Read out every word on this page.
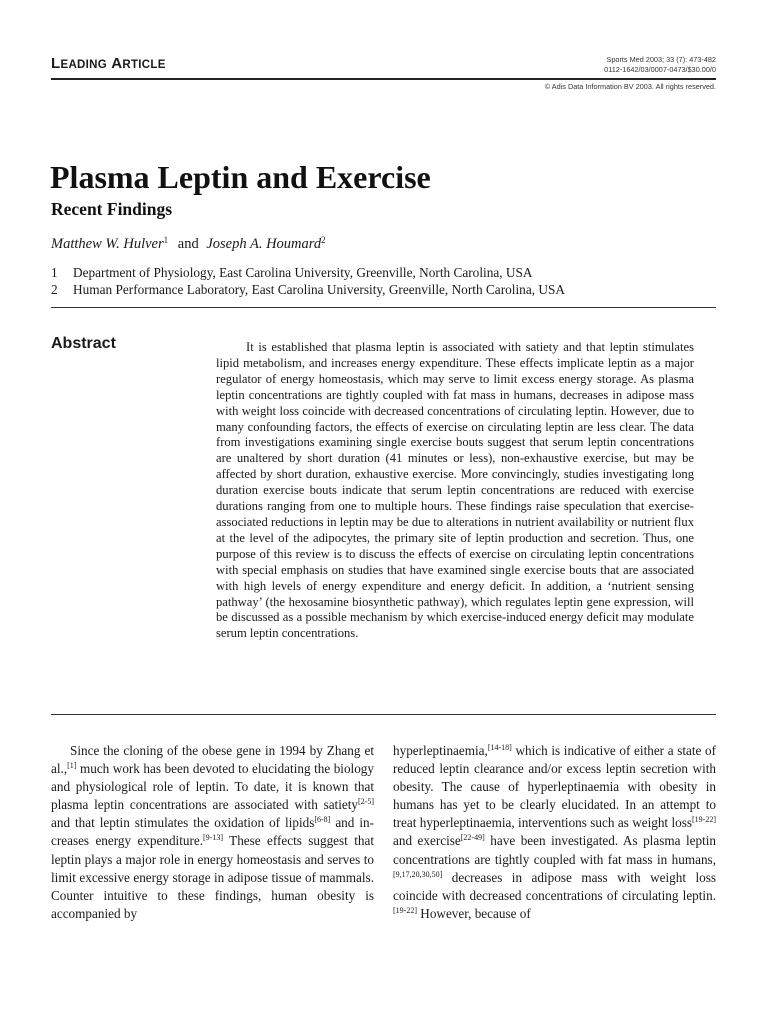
LEADING ARTICLE	Sports Med 2003; 33 (7): 473-482
0112-1642/03/0007-0473/$30.00/0
© Adis Data Information BV 2003. All rights reserved.
Plasma Leptin and Exercise
Recent Findings
Matthew W. Hulver$^1$ and Joseph A. Houmard$^2$
1	Department of Physiology, East Carolina University, Greenville, North Carolina, USA
2	Human Performance Laboratory, East Carolina University, Greenville, North Carolina, USA
Abstract	It is established that plasma leptin is associated with satiety and that leptin stimulates lipid metabolism, and increases energy expenditure. These effects implicate leptin as a major regulator of energy homeostasis, which may serve to limit excess energy storage. As plasma leptin concentrations are tightly coupled with fat mass in humans, decreases in adipose mass with weight loss coincide with decreased concentrations of circulating leptin. However, due to many confounding factors, the effects of exercise on circulating leptin are less clear. The data from investigations examining single exercise bouts suggest that serum leptin concentrations are unaltered by short duration (41 minutes or less), non-exhaustive exercise, but may be affected by short duration, exhaustive exercise. More convincingly, studies investigating long duration exercise bouts indicate that serum leptin concentrations are reduced with exercise durations ranging from one to multiple hours. These findings raise speculation that exercise-associated reductions in leptin may be due to alterations in nutrient availability or nutrient flux at the level of the adipocytes, the primary site of leptin production and secretion. Thus, one purpose of this review is to discuss the effects of exercise on circulating leptin concentrations with special emphasis on studies that have examined single exercise bouts that are associated with high levels of energy expenditure and energy deficit. In addition, a ‘nutrient sensing pathway’ (the hexosamine biosynthetic pathway), which regulates leptin gene expression, will be discussed as a possible mechanism by which exercise-induced energy deficit may modulate serum leptin concentrations.

Since the cloning of the obese gene in 1994 by Zhang et al.,[1] much work has been devoted to elucidating the biology and physiological role of leptin. To date, it is known that plasma leptin concentrations are associated with satiety[2-5] and that leptin stimulates the oxidation of lipids[6-8] and increases energy expenditure.[9-13] These effects suggest that leptin plays a major role in energy homeostasis and serves to limit excessive energy storage in adipose tissue of mammals. Counter intuitive to these findings, human obesity is accompanied by

hyperleptinaemia,[14-18] which is indicative of either a state of reduced leptin clearance and/or excess leptin secretion with obesity. The cause of hyperleptinaemia with obesity in humans has yet to be clearly elucidated. In an attempt to treat hyperleptinaemia, interventions such as weight loss[19-22] and exercise[22-49] have been investigated. As plasma leptin concentrations are tightly coupled with fat mass in humans,[9,17,20,30,50] decreases in adipose mass with weight loss coincide with decreased concentrations of circulating leptin.[19-22] However, because of
